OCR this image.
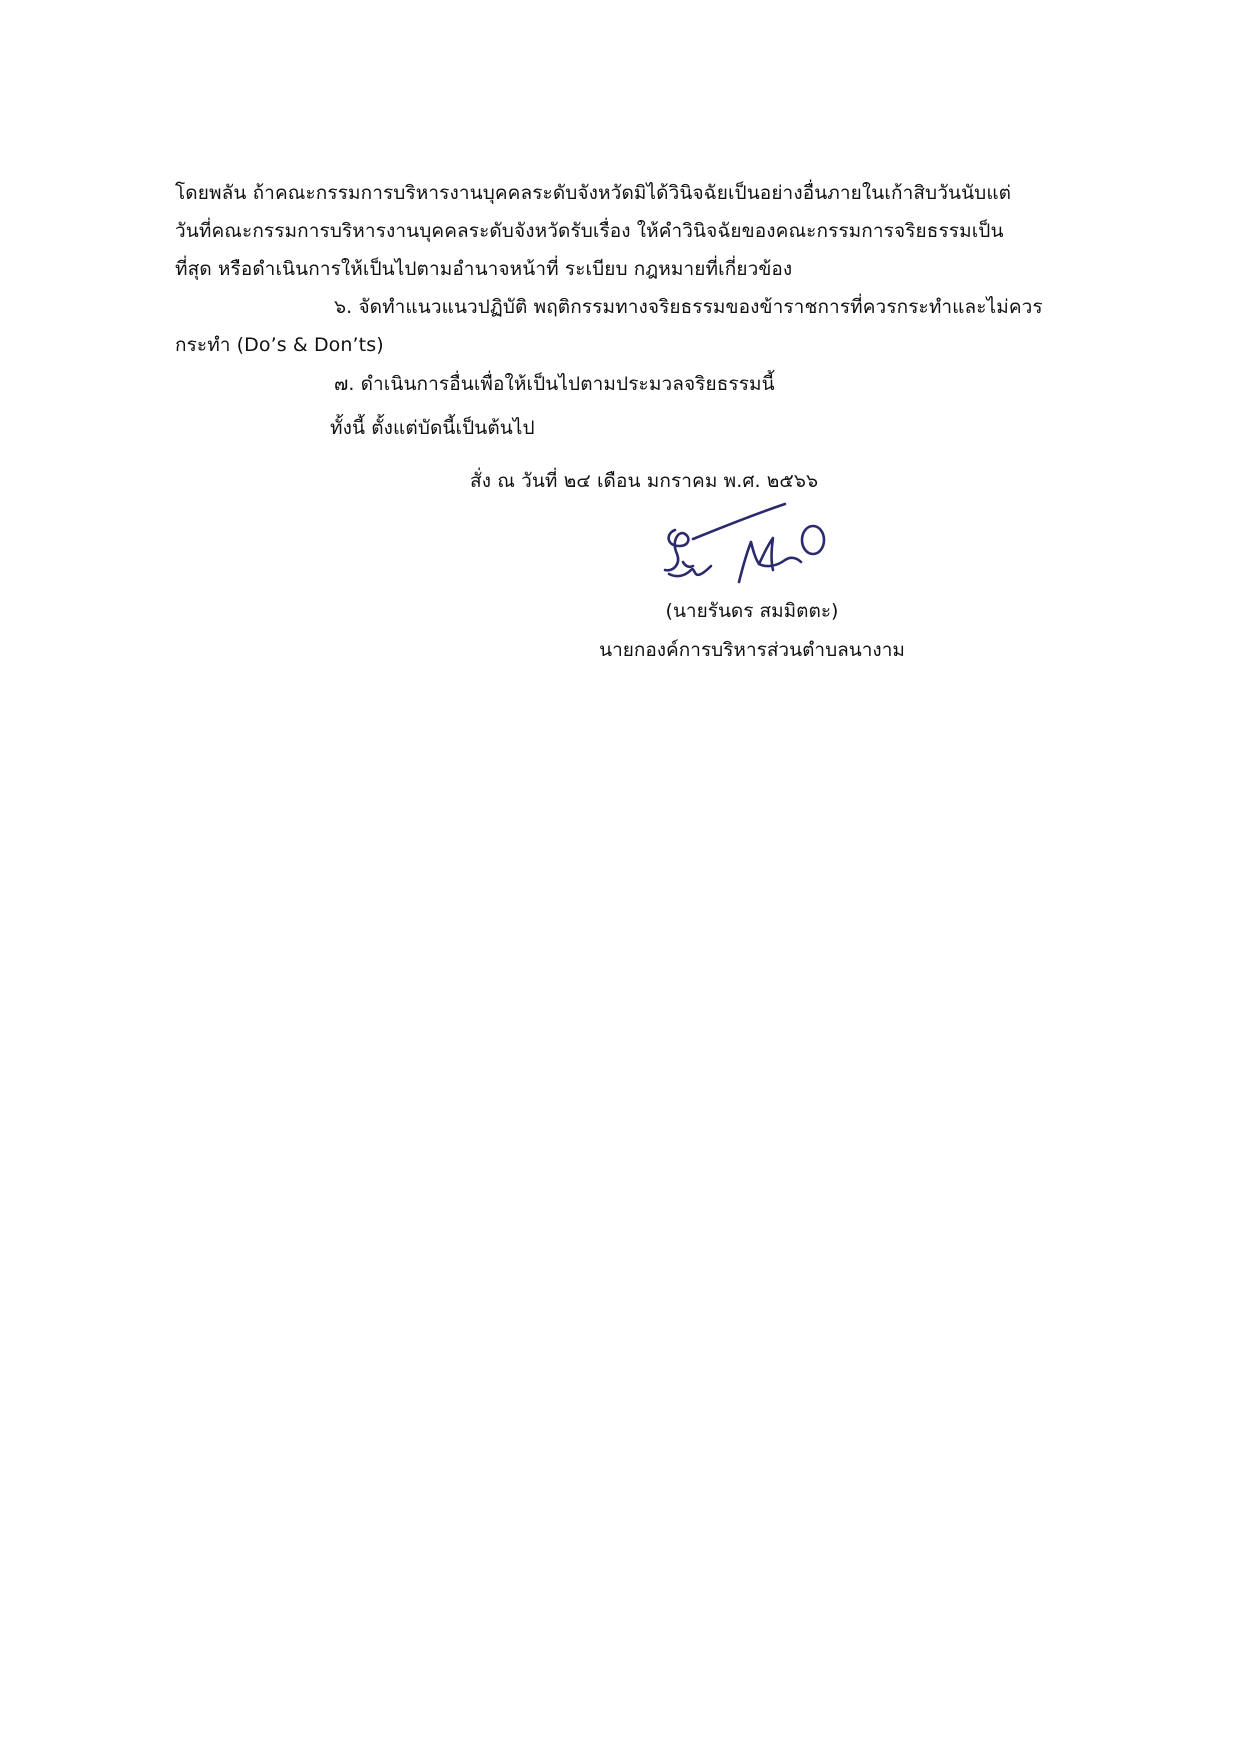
โดยพลัน ถ้าคณะกรรมการบริหารงานบุคคลระดับจังหวัดมิได้วินิจฉัยเป็นอย่างอื่นภายในเก้าสิบวันนับแต่
วันที่คณะกรรมการบริหารงานบุคคลระดับจังหวัดรับเรื่อง ให้คำวินิจฉัยของคณะกรรมการจริยธรรมเป็น
ที่สุด หรือดำเนินการให้เป็นไปตามอำนาจหน้าที่ ระเบียบ กฎหมายที่เกี่ยวข้อง
๖. จัดทำแนวแนวปฏิบัติ พฤติกรรมทางจริยธรรมของข้าราชการที่ควรกระทำและไม่ควร
กระทำ (Do’s & Don’ts)
๗. ดำเนินการอื่นเพื่อให้เป็นไปตามประมวลจริยธรรมนี้
ทั้งนี้ ตั้งแต่บัดนี้เป็นต้นไป
สั่ง ณ วันที่ ๒๔ เดือน มกราคม พ.ศ. ๒๕๖๖
(นายรันดร สมมิตตะ)
นายกองค์การบริหารส่วนตำบลนางาม
